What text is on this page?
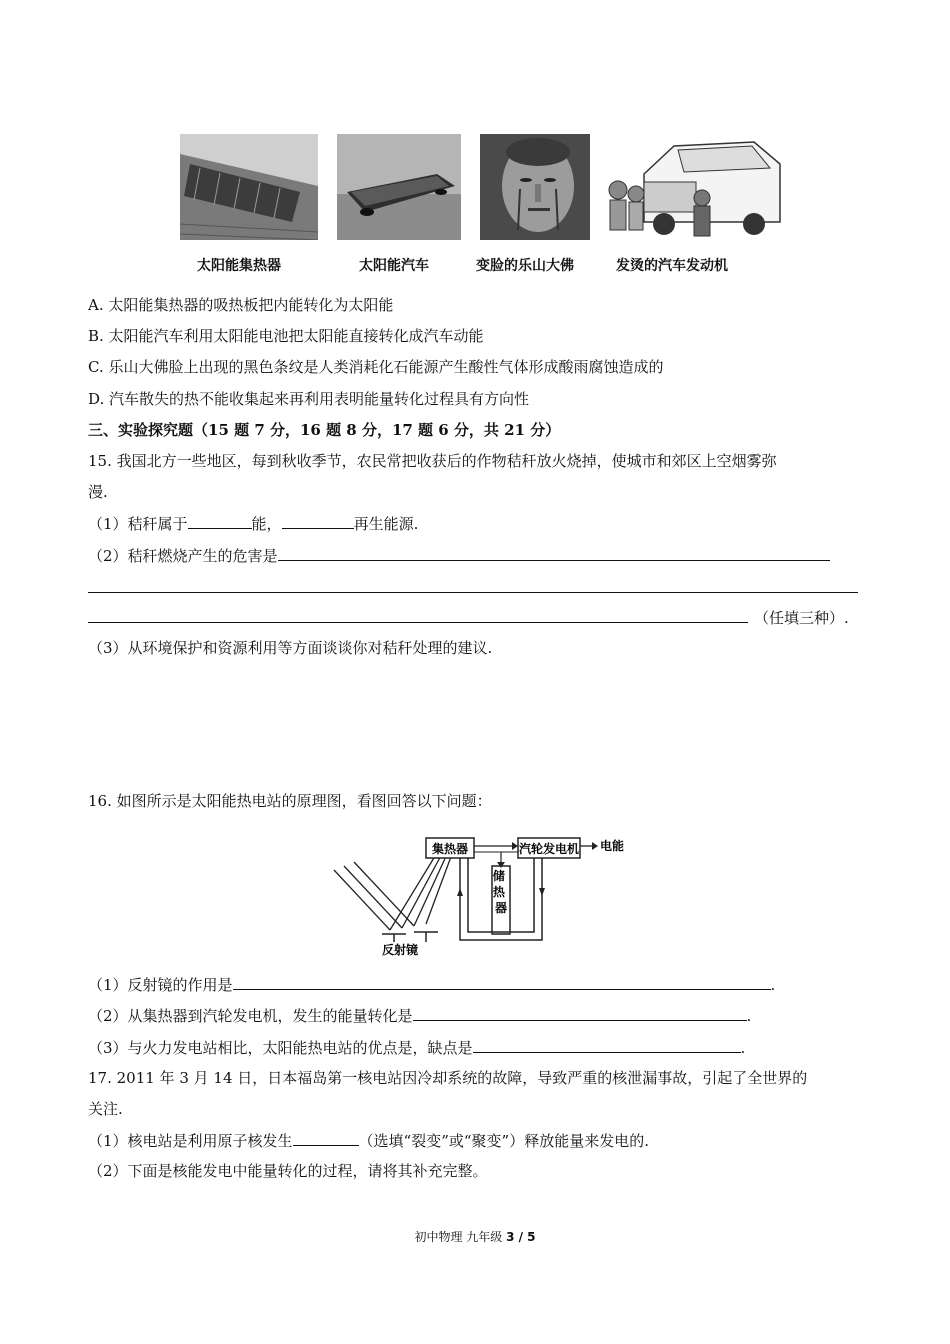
太阳能集热器	太阳能汽车	变脸的乐山大佛	发烫的汽车发动机
A. 太阳能集热器的吸热板把内能转化为太阳能
B. 太阳能汽车利用太阳能电池把太阳能直接转化成汽车动能
C. 乐山大佛脸上出现的黑色条纹是人类消耗化石能源产生酸性气体形成酸雨腐蚀造成的
D. 汽车散失的热不能收集起来再利用表明能量转化过程具有方向性
三、实验探究题（15 题 7 分，16 题 8 分，17 题 6 分，共 21 分）
15. 我国北方一些地区，每到秋收季节，农民常把收获后的作物秸秆放火烧掉，使城市和郊区上空烟雾弥
漫.
（1）秸秆属于	能，	再生能源.
（2）秸秆燃烧产生的危害是
（任填三种）.
（3）从环境保护和资源利用等方面谈谈你对秸秆处理的建议.
16. 如图所示是太阳能热电站的原理图，看图回答以下问题：
集热器	汽轮发电机 电能
储 热 器
反射镜
（1）反射镜的作用是	.
（2）从集热器到汽轮发电机，发生的能量转化是	.
（3）与火力发电站相比，太阳能热电站的优点是，缺点是	.
17. 2011 年 3 月 14 日，日本福岛第一核电站因冷却系统的故障，导致严重的核泄漏事故，引起了全世界的
关注.
（1）核电站是利用原子核发生	（选填“裂变”或“聚变”）释放能量来发电的.
（2）下面是核能发电中能量转化的过程，请将其补充完整。
初中物理 九年级 3 / 5
